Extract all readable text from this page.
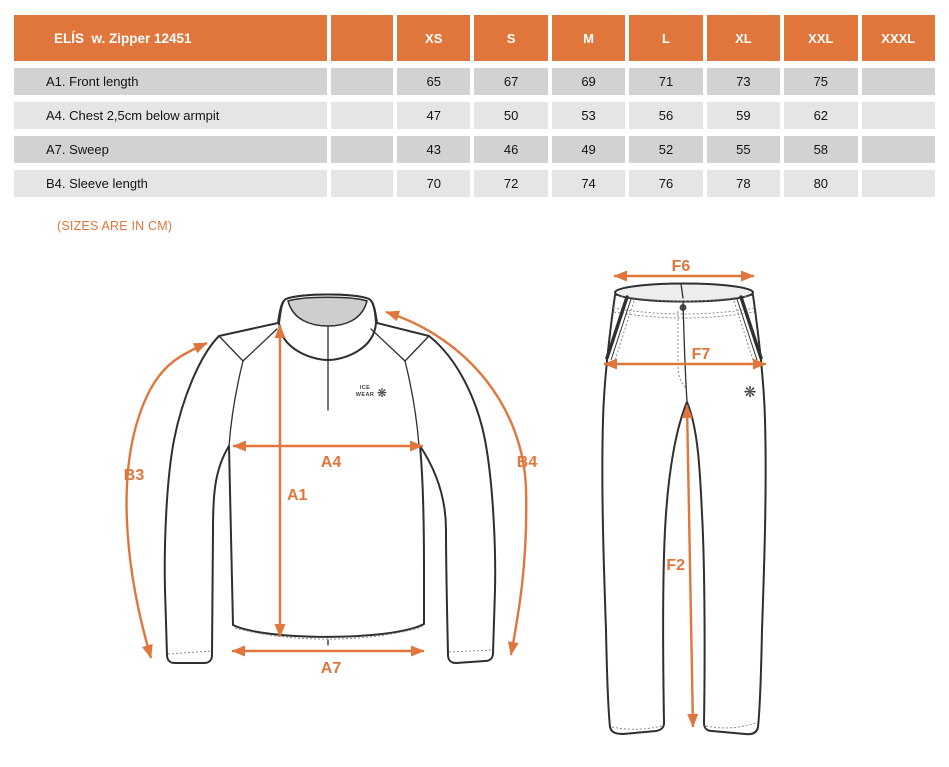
ELÍS  w. Zipper 12451		XS	S	M	L	XL	XXL	XXXL
A1. Front length		65	67	69	71	73	75	
A4. Chest 2,5cm below armpit		47	50	53	56	59	62	
A7. Sweep		43	46	49	52	55	58	
B4. Sleeve length		70	72	74	76	78	80	
(SIZES ARE IN CM)
ICE
WEAR ❋
A4
A1
B3
B4
A7
❋
F6
F7
F2
